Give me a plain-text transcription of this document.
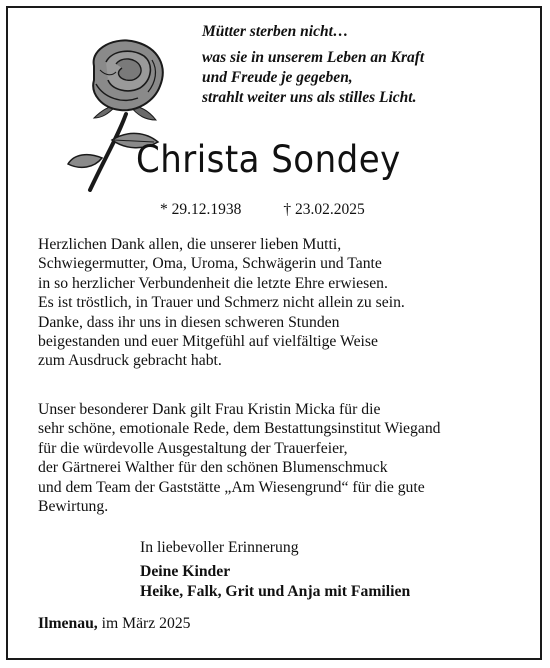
Mütter sterben nicht…
was sie in unserem Leben an Kraft
und Freude je gegeben,
strahlt weiter uns als stilles Licht.
Christa Sondey
* 29.12.1938	† 23.02.2025
Herzlichen Dank allen, die unserer lieben Mutti,
Schwiegermutter, Oma, Uroma, Schwägerin und Tante
in so herzlicher Verbundenheit die letzte Ehre erwiesen.
Es ist tröstlich, in Trauer und Schmerz nicht allein zu sein.
Danke, dass ihr uns in diesen schweren Stunden
beigestanden und euer Mitgefühl auf vielfältige Weise
zum Ausdruck gebracht habt.
Unser besonderer Dank gilt Frau Kristin Micka für die
sehr schöne, emotionale Rede, dem Bestattungsinstitut Wiegand
für die würdevolle Ausgestaltung der Trauerfeier,
der Gärtnerei Walther für den schönen Blumenschmuck
und dem Team der Gaststätte „Am Wiesengrund“ für die gute
Bewirtung.
In liebevoller Erinnerung
Deine Kinder
Heike, Falk, Grit und Anja mit Familien
Ilmenau, im März 2025
